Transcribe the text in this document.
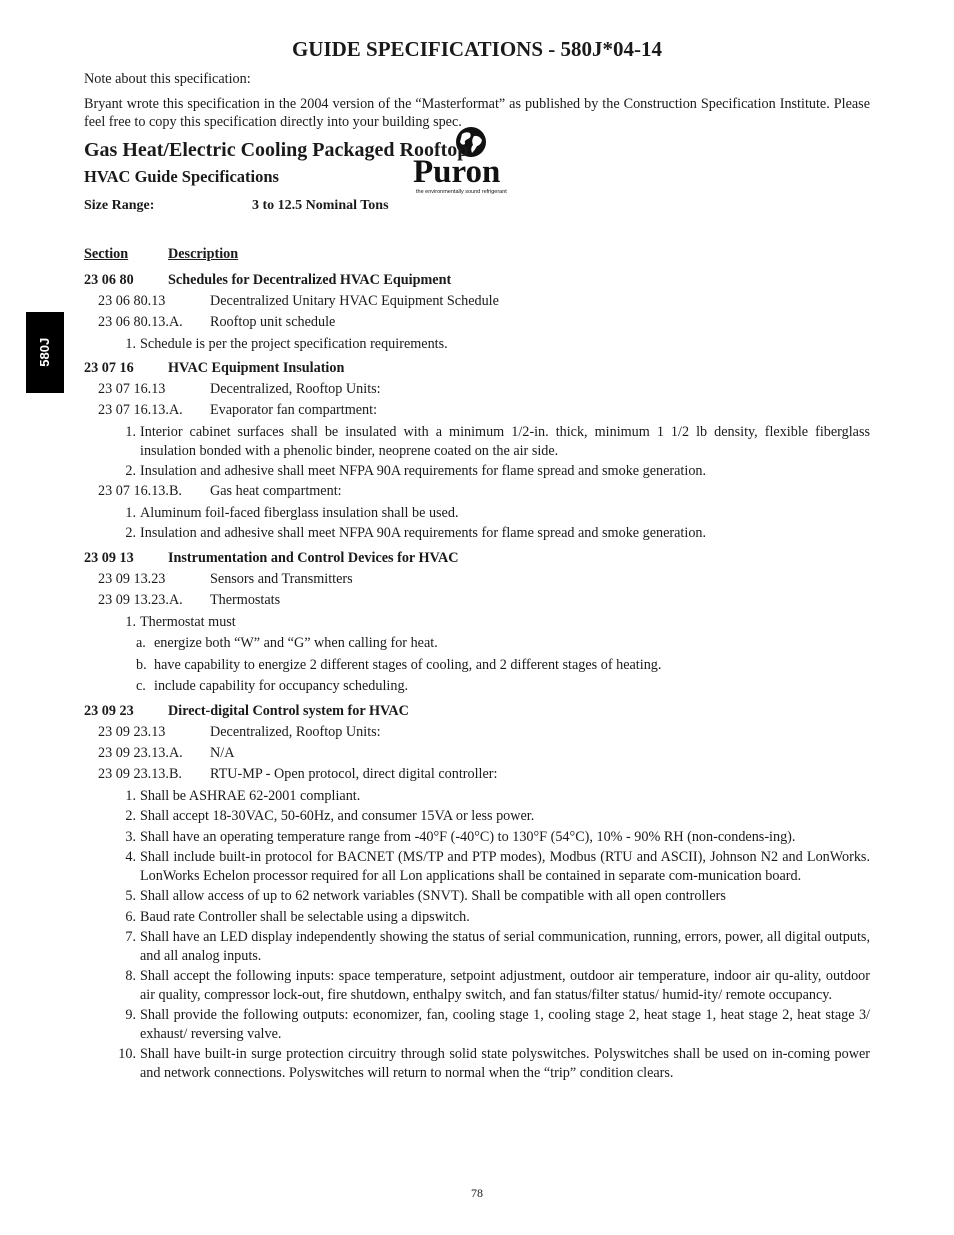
580J
Puron
the environmentally sound refrigerant
GUIDE SPECIFICATIONS - 580J*04-14

Note about this specification:

Bryant wrote this specification in the 2004 version of the “Masterformat” as published by the Construction Specification Institute. Please feel free to copy this specification directly into your building spec.

Gas Heat/Electric Cooling Packaged Rooftop
HVAC Guide Specifications
Size Range:	3 to 12.5 Nominal Tons
Section	Description
23 06 80 Schedules for Decentralized HVAC Equipment
23 06 80.13	Decentralized Unitary HVAC Equipment Schedule
23 06 80.13.A. Rooftop unit schedule
1. Schedule is per the project specification requirements.
23 07 16 HVAC Equipment Insulation
23 07 16.13	Decentralized, Rooftop Units:
23 07 16.13.A. Evaporator fan compartment:
1. Interior cabinet surfaces shall be insulated with a minimum 1/2-in. thick, minimum 1 1/2 lb density, flexible fiberglass insulation bonded with a phenolic binder, neoprene coated on the air side.
2. Insulation and adhesive shall meet NFPA 90A requirements for flame spread and smoke generation.
23 07 16.13.B. Gas heat compartment:
1. Aluminum foil-faced fiberglass insulation shall be used.
2. Insulation and adhesive shall meet NFPA 90A requirements for flame spread and smoke generation.
23 09 13 Instrumentation and Control Devices for HVAC
23 09 13.23	Sensors and Transmitters
23 09 13.23.A. Thermostats
1. Thermostat must
a. energize both “W” and “G” when calling for heat.
b. have capability to energize 2 different stages of cooling, and 2 different stages of heating.
c. include capability for occupancy scheduling.
23 09 23 Direct-digital Control system for HVAC
23 09 23.13	Decentralized, Rooftop Units:
23 09 23.13.A. N/A
23 09 23.13.B. RTU-MP - Open protocol, direct digital controller:
1. Shall be ASHRAE 62-2001 compliant.
2. Shall accept 18-30VAC, 50-60Hz, and consumer 15VA or less power.
3. Shall have an operating temperature range from -40°F (-40°C) to 130°F (54°C), 10% - 90% RH (non-condens-ing).
4. Shall include built-in protocol for BACNET (MS/TP and PTP modes), Modbus (RTU and ASCII), Johnson N2 and LonWorks. LonWorks Echelon processor required for all Lon applications shall be contained in separate com-munication board.
5. Shall allow access of up to 62 network variables (SNVT). Shall be compatible with all open controllers
6. Baud rate Controller shall be selectable using a dipswitch.
7. Shall have an LED display independently showing the status of serial communication, running, errors, power, all digital outputs, and all analog inputs.
8. Shall accept the following inputs: space temperature, setpoint adjustment, outdoor air temperature, indoor air qu-ality, outdoor air quality, compressor lock-out, fire shutdown, enthalpy switch, and fan status/filter status/ humid-ity/ remote occupancy.
9. Shall provide the following outputs: economizer, fan, cooling stage 1, cooling stage 2, heat stage 1, heat stage 2, heat stage 3/ exhaust/ reversing valve.
10. Shall have built-in surge protection circuitry through solid state polyswitches. Polyswitches shall be used on in-coming power and network connections. Polyswitches will return to normal when the “trip” condition clears.
78
